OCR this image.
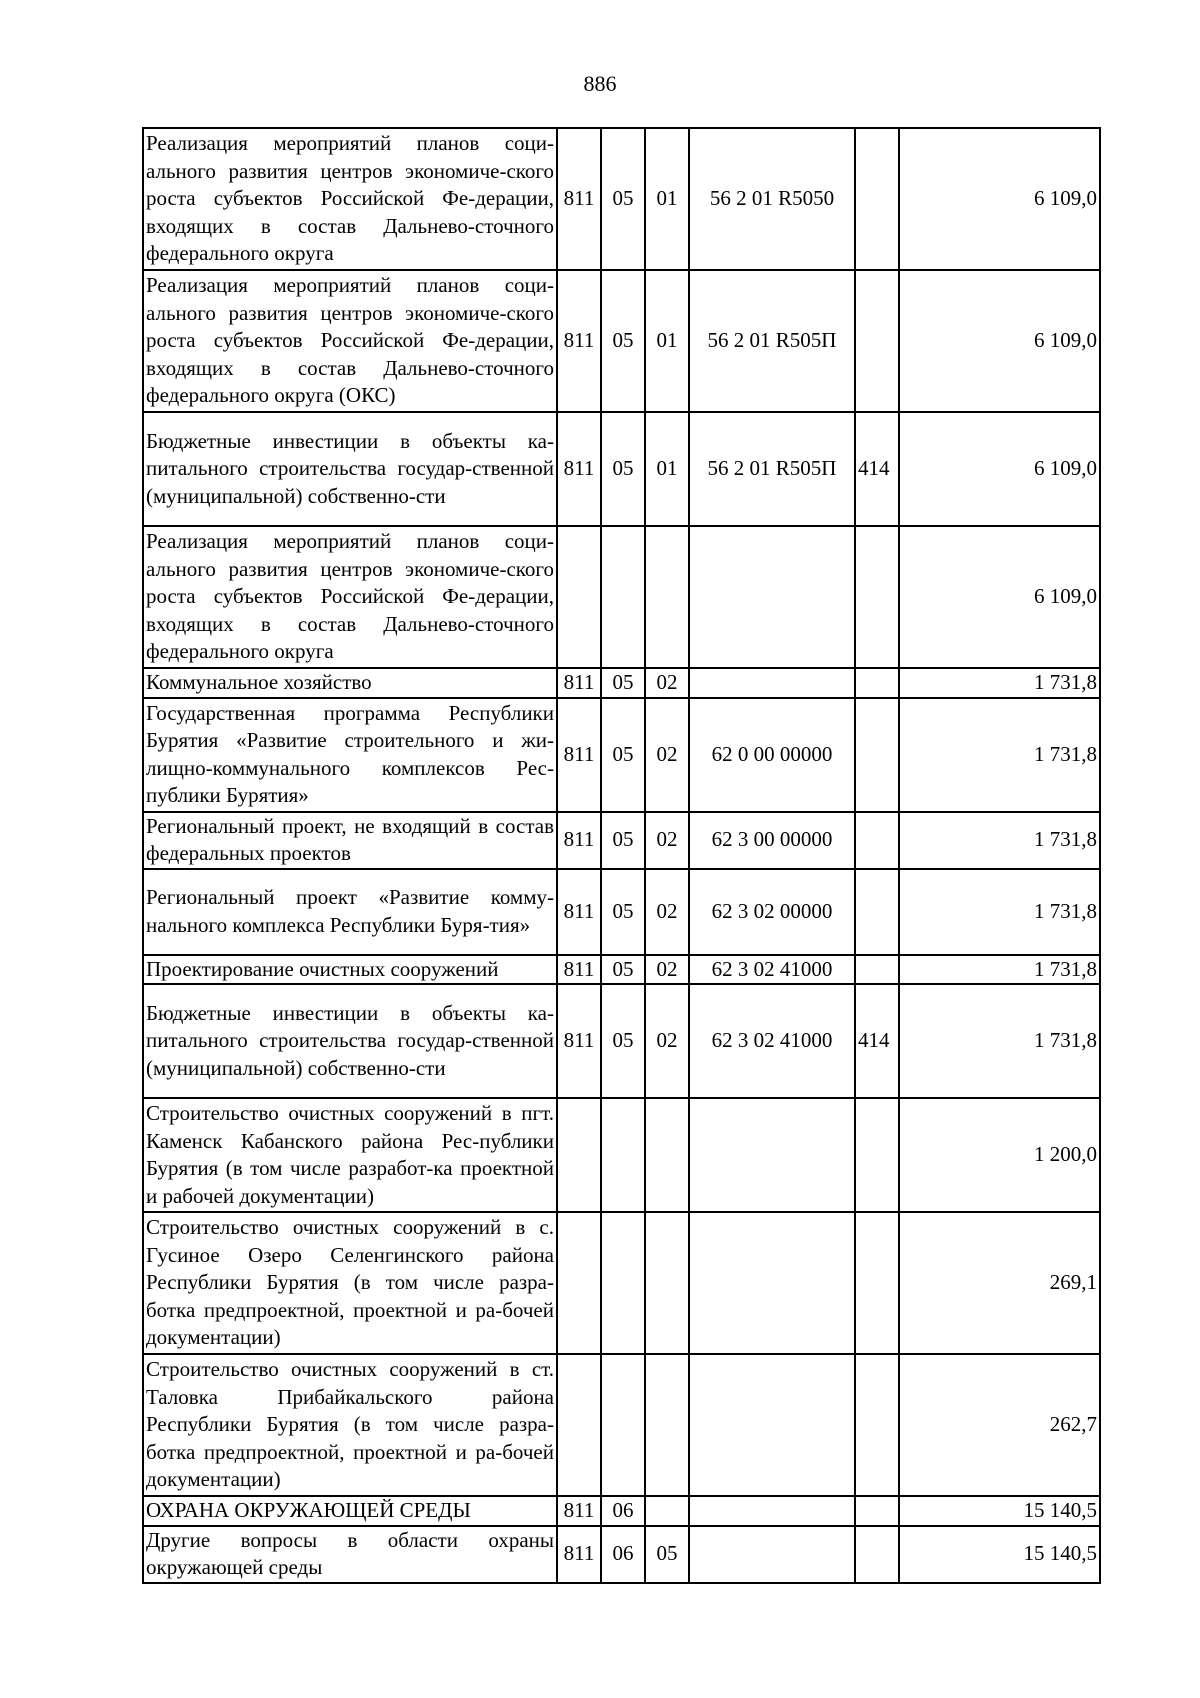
886
Реализация мероприятий планов соци-ального развития центров экономиче-ского роста субъектов Российской Фе-дерации, входящих в состав Дальнево-сточного федерального округа	811	05	01	56 2 01 R5050		6 109,0
Реализация мероприятий планов соци-ального развития центров экономиче-ского роста субъектов Российской Фе-дерации, входящих в состав Дальнево-сточного федерального округа (ОКС)	811	05	01	56 2 01 R505П		6 109,0
Бюджетные инвестиции в объекты ка-питального строительства государ-ственной (муниципальной) собственно-сти	811	05	01	56 2 01 R505П	414	6 109,0
Реализация мероприятий планов соци-ального развития центров экономиче-ского роста субъектов Российской Фе-дерации, входящих в состав Дальнево-сточного федерального округа						6 109,0
Коммунальное хозяйство	811	05	02			1 731,8
Государственная программа Республики Бурятия «Развитие строительного и жи-лищно-коммунального комплексов Рес-публики Бурятия»	811	05	02	62 0 00 00000		1 731,8
Региональный проект, не входящий в состав федеральных проектов	811	05	02	62 3 00 00000		1 731,8
Региональный проект «Развитие комму-нального комплекса Республики Буря-тия»	811	05	02	62 3 02 00000		1 731,8
Проектирование очистных сооружений	811	05	02	62 3 02 41000		1 731,8
Бюджетные инвестиции в объекты ка-питального строительства государ-ственной (муниципальной) собственно-сти	811	05	02	62 3 02 41000	414	1 731,8
Строительство очистных сооружений в пгт. Каменск Кабанского района Рес-публики Бурятия (в том числе разработ-ка проектной и рабочей документации)						1 200,0
Строительство очистных сооружений в с. Гусиное Озеро Селенгинского района Республики Бурятия (в том числе разра-ботка предпроектной, проектной и ра-бочей документации)						269,1
Строительство очистных сооружений в ст. Таловка Прибайкальского района Республики Бурятия (в том числе разра-ботка предпроектной, проектной и ра-бочей документации)						262,7
ОХРАНА ОКРУЖАЮЩЕЙ СРЕДЫ	811	06				15 140,5
Другие вопросы в области охраны окружающей среды	811	06	05			15 140,5
